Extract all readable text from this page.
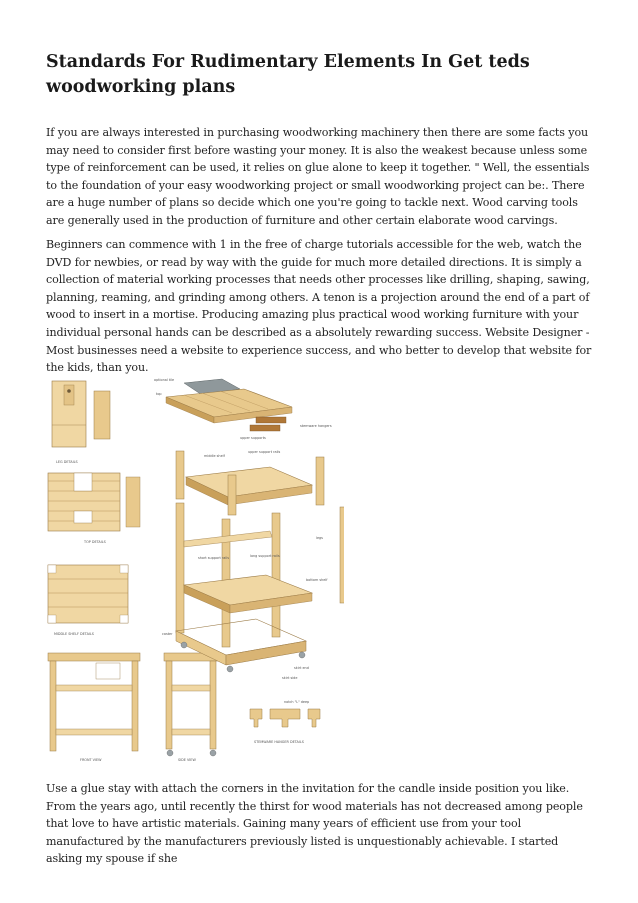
Standards For Rudimentary Elements In Get teds woodworking plans

If you are always interested in purchasing woodworking machinery then there are some facts you may need to consider first before wasting your money. It is also the weakest because unless some type of reinforcement can be used, it relies on glue alone to keep it together. " Well, the essentials to the foundation of your easy woodworking project or small woodworking project can be:. There are a huge number of plans so decide which one you're going to tackle next. Wood carving tools are generally used in the production of furniture and other certain elaborate wood carvings.

Beginners can commence with 1 in the free of charge tutorials accessible for the web, watch the DVD for newbies, or read by way with the guide for much more detailed directions. It is simply a collection of material working processes that needs other processes like drilling, shaping, sawing, planning, reaming, and grinding among others. A tenon is a projection around the end of a part of wood to insert in a mortise. Producing amazing plus practical wood working furniture with your individual personal hands can be described as a absolutely rewarding success. Website Designer - Most businesses need a website to experience success, and who better to develop that website for the kids, than you.

LEG DETAILS
TOP DETAILS
MIDDLE SHELF DETAILS
FRONT VIEW	SIDE VIEW
optional tile
top
stemware hangers
upper supports
middle shelf
upper support rails
legs
short support rails	long support rails
bottom shelf
skirt end
skirt side
caster
notch "L" deep
STEMWARE HANGER DETAILS

Use a glue stay with attach the corners in the invitation for the candle inside position you like. From the years ago, until recently the thirst for wood materials has not decreased among people that love to have artistic materials. Gaining many years of efficient use from your tool manufactured by the manufacturers previously listed is unquestionably achievable. I started asking my spouse if she
